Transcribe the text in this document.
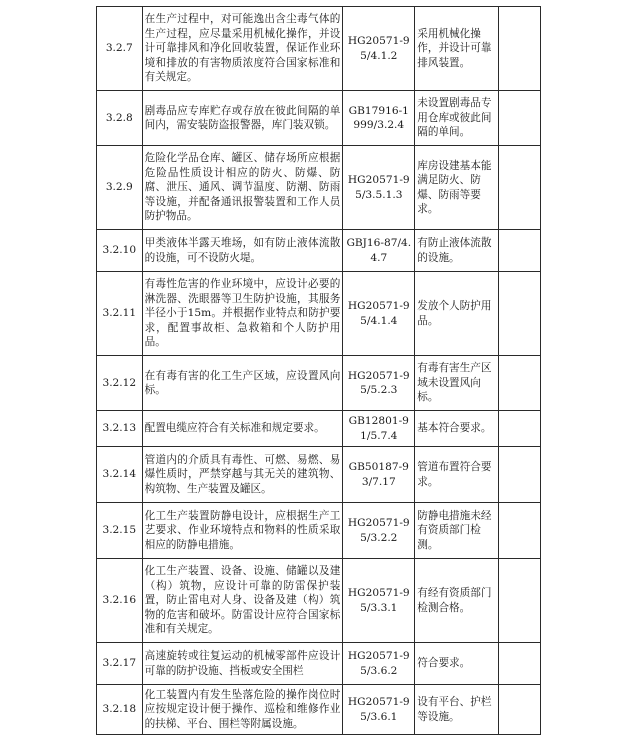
3.2.7	在生产过程中，对可能逸出含尘毒气体的生产过程，应尽量采用机械化操作，并设计可靠排风和净化回收装置，保证作业环境和排放的有害物质浓度符合国家标准和有关规定。	HG20571-95/4.1.2	采用机械化操作，并设计可靠排风装置。	
3.2.8	剧毒品应专库贮存或存放在彼此间隔的单间内，需安装防盗报警器，库门装双锁。	GB17916-1999/3.2.4	未设置剧毒品专用仓库或彼此间隔的单间。	
3.2.9	危险化学品仓库、罐区、储存场所应根据危险品性质设计相应的防火、防爆、防腐、泄压、通风、调节温度、防潮、防雨等设施，并配备通讯报警装置和工作人员防护物品。	HG20571-95/3.5.1.3	库房设建基本能满足防火、防爆、防雨等要求。	
3.2.10	甲类液体半露天堆场，如有防止液体流散的设施，可不设防火堤。	GBJ16-87/4.4.7	有防止液体流散的设施。	
3.2.11	有毒性危害的作业环境中，应设计必要的淋洗器、洗眼器等卫生防护设施，其服务半径小于15m。并根据作业特点和防护要求，配置事故柜、急救箱和个人防护用品。	HG20571-95/4.1.4	发放个人防护用品。	
3.2.12	在有毒有害的化工生产区域，应设置风向标。	HG20571-95/5.2.3	有毒有害生产区域未设置风向标。	
3.2.13	配置电缆应符合有关标准和规定要求。	GB12801-91/5.7.4	基本符合要求。	
3.2.14	管道内的介质具有毒性、可燃、易燃、易爆性质时，严禁穿越与其无关的建筑物、构筑物、生产装置及罐区。	GB50187-93/7.17	管道布置符合要求。	
3.2.15	化工生产装置防静电设计，应根据生产工艺要求、作业环境特点和物料的性质采取相应的防静电措施。	HG20571-95/3.2.2	防静电措施未经有资质部门检测。	
3.2.16	化工生产装置、设备、设施、储罐以及建（构）筑物，应设计可靠的防雷保护装置，防止雷电对人身、设备及建（构）筑物的危害和破坏。防雷设计应符合国家标准和有关规定。	HG20571-95/3.3.1	有经有资质部门检测合格。	
3.2.17	高速旋转或往复运动的机械零部件应设计可靠的防护设施、挡板或安全围栏	HG20571-95/3.6.2	符合要求。	
3.2.18	化工装置内有发生坠落危险的操作岗位时应按规定设计便于操作、巡检和维修作业的扶梯、平台、围栏等附属设施。	HG20571-95/3.6.1	设有平台、护栏等设施。	
